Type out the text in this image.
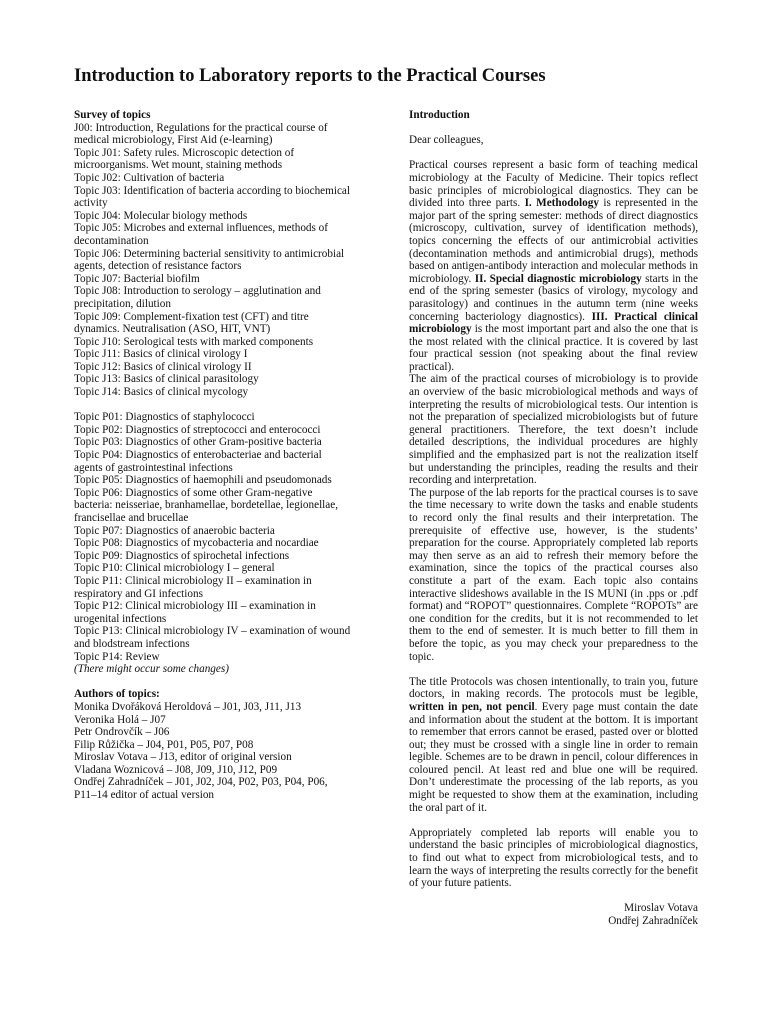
Introduction to Laboratory reports to the Practical Courses
Survey of topics
J00: Introduction, Regulations for the practical course of
medical microbiology, First Aid (e-learning)
Topic J01: Safety rules. Microscopic detection of
microorganisms. Wet mount, staining methods
Topic J02: Cultivation of bacteria
Topic J03: Identification of bacteria according to biochemical
activity
Topic J04: Molecular biology methods
Topic J05: Microbes and external influences, methods of
decontamination
Topic J06: Determining bacterial sensitivity to antimicrobial
agents, detection of resistance factors
Topic J07: Bacterial biofilm
Topic J08: Introduction to serology – agglutination and
precipitation, dilution
Topic J09: Complement-fixation test (CFT) and titre
dynamics. Neutralisation (ASO, HIT, VNT)
Topic J10: Serological tests with marked components
Topic J11: Basics of clinical virology I
Topic J12: Basics of clinical virology II
Topic J13: Basics of clinical parasitology
Topic J14: Basics of clinical mycology
Topic P01: Diagnostics of staphylococci
Topic P02: Diagnostics of streptococci and enterococci
Topic P03: Diagnostics of other Gram-positive bacteria
Topic P04: Diagnostics of enterobacteriae and bacterial
agents of gastrointestinal infections
Topic P05: Diagnostics of haemophili and pseudomonads
Topic P06: Diagnostics of some other Gram-negative
bacteria: neisseriae, branhamellae, bordetellae, legionellae,
francisellae and brucellae
Topic P07: Diagnostics of anaerobic bacteria
Topic P08: Diagnostics of mycobacteria and nocardiae
Topic P09: Diagnostics of spirochetal infections
Topic P10: Clinical microbiology I – general
Topic P11: Clinical microbiology II – examination in
respiratory and GI infections
Topic P12: Clinical microbiology III – examination in
urogenital infections
Topic P13: Clinical microbiology IV – examination of wound
and blodstream infections
Topic P14: Review
(There might occur some changes)
Authors of topics:
Monika Dvořáková Heroldová – J01, J03, J11, J13
Veronika Holá – J07
Petr Ondrovčík – J06
Filip Růžička – J04, P01, P05, P07, P08
Miroslav Votava – J13, editor of original version
Vladana Woznicová – J08, J09, J10, J12, P09
Ondřej Zahradníček – J01, J02, J04, P02, P03, P04, P06,
P11–14 editor of actual version
Introduction
Dear colleagues,
Practical courses represent a basic form of teaching medical microbiology at the Faculty of Medicine. Their topics reflect basic principles of microbiological diagnostics. They can be divided into three parts. I. Methodology is represented in the major part of the spring semester: methods of direct diagnostics (microscopy, cultivation, survey of identification methods), topics concerning the effects of our antimicrobial activities (decontamination methods and antimicrobial drugs), methods based on antigen-antibody interaction and molecular methods in microbiology. II. Special diagnostic microbiology starts in the end of the spring semester (basics of virology, mycology and parasitology) and continues in the autumn term (nine weeks concerning bacteriology diagnostics). III. Practical clinical microbiology is the most important part and also the one that is the most related with the clinical practice. It is covered by last four practical session (not speaking about the final review practical).
The aim of the practical courses of microbiology is to provide an overview of the basic microbiological methods and ways of interpreting the results of microbiological tests. Our intention is not the preparation of specialized microbiologists but of future general practitioners. Therefore, the text doesn’t include detailed descriptions, the individual procedures are highly simplified and the emphasized part is not the realization itself but understanding the principles, reading the results and their recording and interpretation.
The purpose of the lab reports for the practical courses is to save the time necessary to write down the tasks and enable students to record only the final results and their interpretation. The prerequisite of effective use, however, is the students’ preparation for the course. Appropriately completed lab reports may then serve as an aid to refresh their memory before the examination, since the topics of the practical courses also constitute a part of the exam. Each topic also contains interactive slideshows available in the IS MUNI (in .pps or .pdf format) and “ROPOT” questionnaires. Complete “ROPOTs” are one condition for the credits, but it is not recommended to let them to the end of semester. It is much better to fill them in before the topic, as you may check your preparedness to the topic.
The title Protocols was chosen intentionally, to train you, future doctors, in making records. The protocols must be legible, written in pen, not pencil. Every page must contain the date and information about the student at the bottom. It is important to remember that errors cannot be erased, pasted over or blotted out; they must be crossed with a single line in order to remain legible. Schemes are to be drawn in pencil, colour differences in coloured pencil. At least red and blue one will be required. Don’t underestimate the processing of the lab reports, as you might be requested to show them at the examination, including the oral part of it.
Appropriately completed lab reports will enable you to understand the basic principles of microbiological diagnostics, to find out what to expect from microbiological tests, and to learn the ways of interpreting the results correctly for the benefit of your future patients.
Miroslav Votava
Ondřej Zahradníček
